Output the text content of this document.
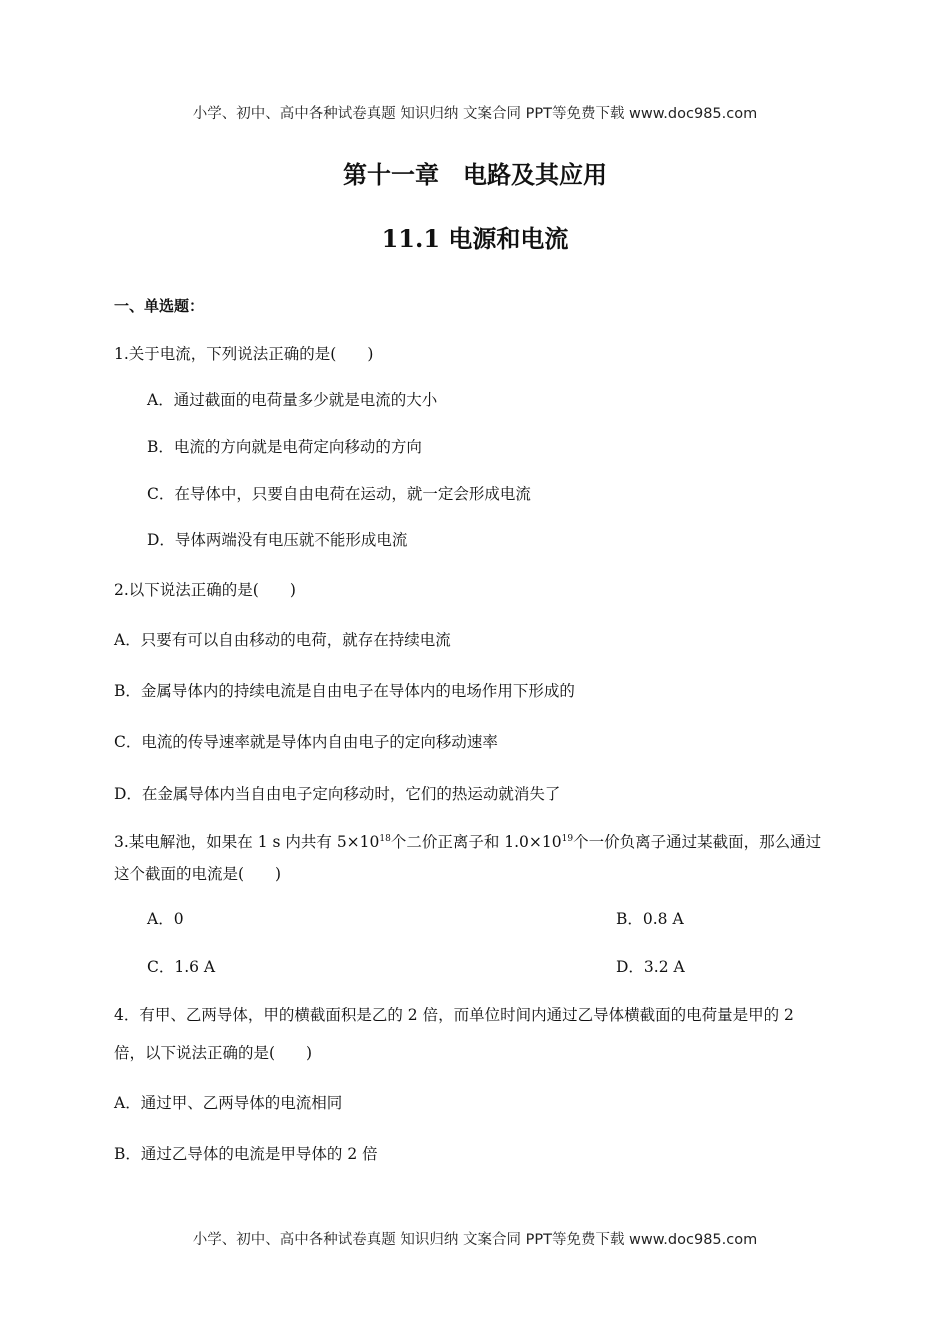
小学、初中、高中各种试卷真题 知识归纳 文案合同 PPT等免费下载 www.doc985.com
第十一章　电路及其应用
11.1 电源和电流
一、单选题：
1.关于电流，下列说法正确的是(　　)
A．通过截面的电荷量多少就是电流的大小
B．电流的方向就是电荷定向移动的方向
C．在导体中，只要自由电荷在运动，就一定会形成电流
D．导体两端没有电压就不能形成电流
2.以下说法正确的是(　　)
A．只要有可以自由移动的电荷，就存在持续电流
B．金属导体内的持续电流是自由电子在导体内的电场作用下形成的
C．电流的传导速率就是导体内自由电子的定向移动速率
D．在金属导体内当自由电子定向移动时，它们的热运动就消失了
3.某电解池，如果在 1 s 内共有 $5\times 10^{18}$个二价正离子和 $1.0\times 10^{19}$个一价负离子通过某截面，那么通过
这个截面的电流是(　　)
A．0	B．0.8 A
C．1.6 A	D．3.2 A
4．有甲、乙两导体，甲的横截面积是乙的 2 倍，而单位时间内通过乙导体横截面的电荷量是甲的 2
倍，以下说法正确的是(　　)
A．通过甲、乙两导体的电流相同
B．通过乙导体的电流是甲导体的 2 倍
小学、初中、高中各种试卷真题 知识归纳 文案合同 PPT等免费下载 www.doc985.com
